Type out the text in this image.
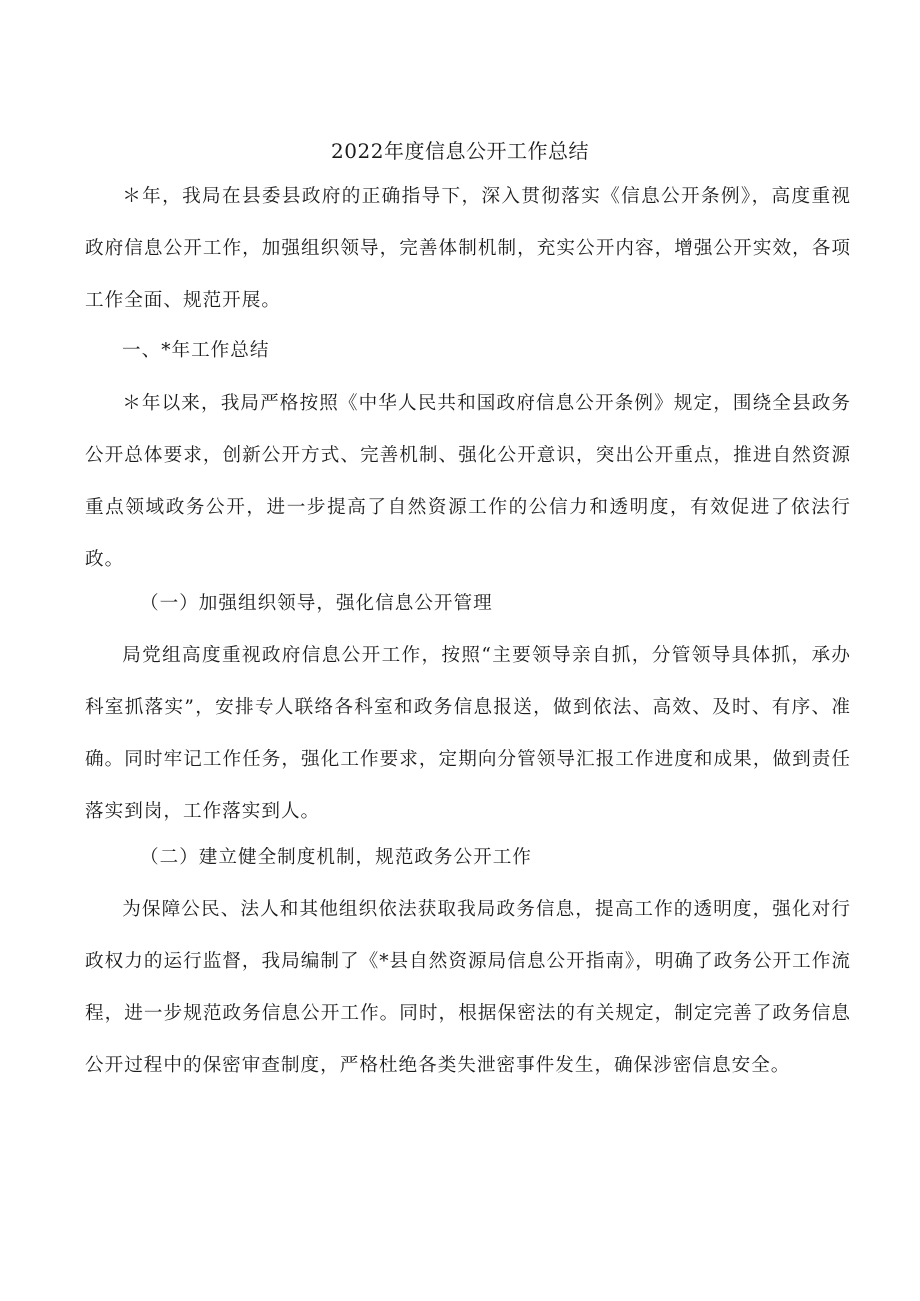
2022年度信息公开工作总结

＊年，我局在县委县政府的正确指导下，深入贯彻落实《信息公开条例》，高度重视政府信息公开工作，加强组织领导，完善体制机制，充实公开内容，增强公开实效，各项工作全面、规范开展。

一、*年工作总结

＊年以来，我局严格按照《中华人民共和国政府信息公开条例》规定，围绕全县政务公开总体要求，创新公开方式、完善机制、强化公开意识，突出公开重点，推进自然资源重点领域政务公开，进一步提高了自然资源工作的公信力和透明度，有效促进了依法行政。

（一）加强组织领导，强化信息公开管理

局党组高度重视政府信息公开工作，按照“主要领导亲自抓，分管领导具体抓，承办科室抓落实”，安排专人联络各科室和政务信息报送，做到依法、高效、及时、有序、准确。同时牢记工作任务，强化工作要求，定期向分管领导汇报工作进度和成果，做到责任落实到岗，工作落实到人。

（二）建立健全制度机制，规范政务公开工作

为保障公民、法人和其他组织依法获取我局政务信息，提高工作的透明度，强化对行政权力的运行监督，我局编制了《*县自然资源局信息公开指南》，明确了政务公开工作流程，进一步规范政务信息公开工作。同时，根据保密法的有关规定，制定完善了政务信息公开过程中的保密审查制度，严格杜绝各类失泄密事件发生，确保涉密信息安全。
